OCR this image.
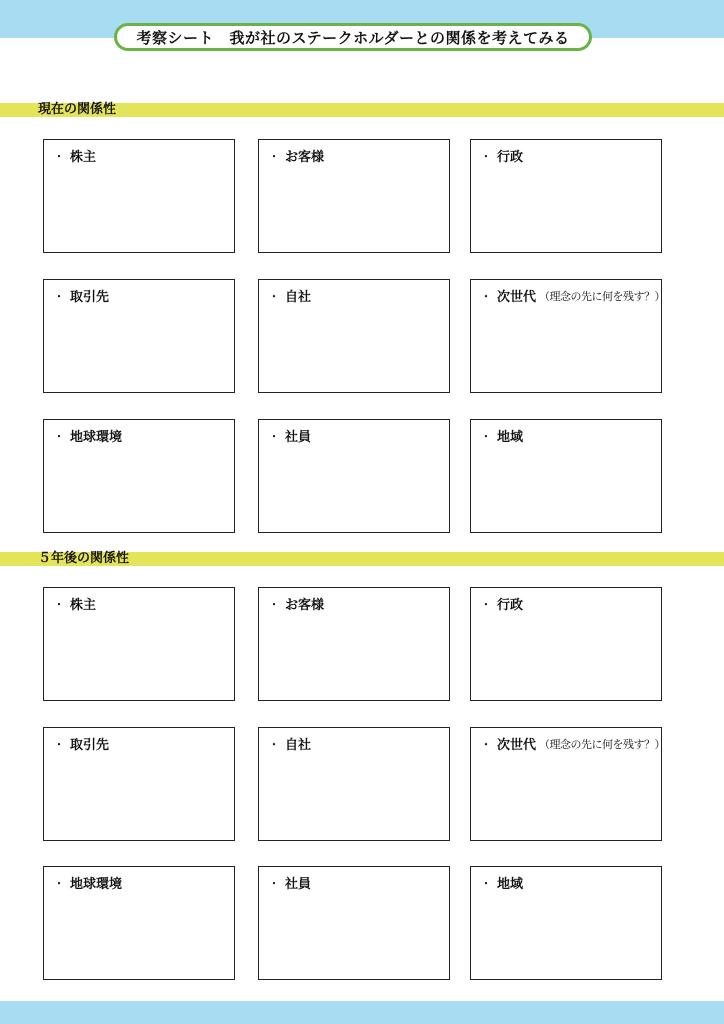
考察シート　我が社のステークホルダーとの関係を考えてみる
現在の関係性
・ 株主	・ お客様	・ 行政
・ 取引先	・ 自社	・ 次世代 （理念の先に何を残す？）
・ 地球環境	・ 社員	・ 地域
５年後の関係性
・ 株主	・ お客様	・ 行政
・ 取引先	・ 自社	・ 次世代 （理念の先に何を残す？）
・ 地球環境	・ 社員	・ 地域
